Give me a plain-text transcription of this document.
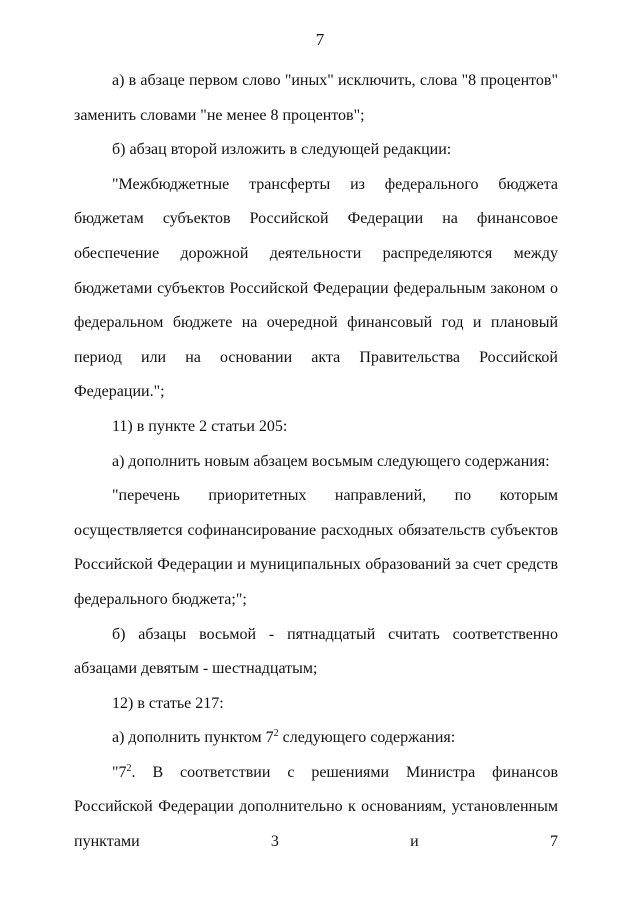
7

а) в абзаце первом слово "иных" исключить, слова "8 процентов" заменить словами "не менее 8 процентов";

б) абзац второй изложить в следующей редакции:

"Межбюджетные трансферты из федерального бюджета бюджетам субъектов Российской Федерации на финансовое обеспечение дорожной деятельности распределяются между бюджетами субъектов Российской Федерации федеральным законом о федеральном бюджете на очередной финансовый год и плановый период или на основании акта Правительства Российской Федерации.";

11) в пункте 2 статьи 205:

а) дополнить новым абзацем восьмым следующего содержания:

"перечень приоритетных направлений, по которым осуществляется софинансирование расходных обязательств субъектов Российской Федерации и муниципальных образований за счет средств федерального бюджета;";

б) абзацы восьмой - пятнадцатый считать соответственно абзацами девятым - шестнадцатым;

12) в статье 217:

а) дополнить пунктом $7^2$ следующего содержания:

"$7^2$. В соответствии с решениями Министра финансов Российской Федерации дополнительно к основаниям, установленным пунктами 3 и 7
